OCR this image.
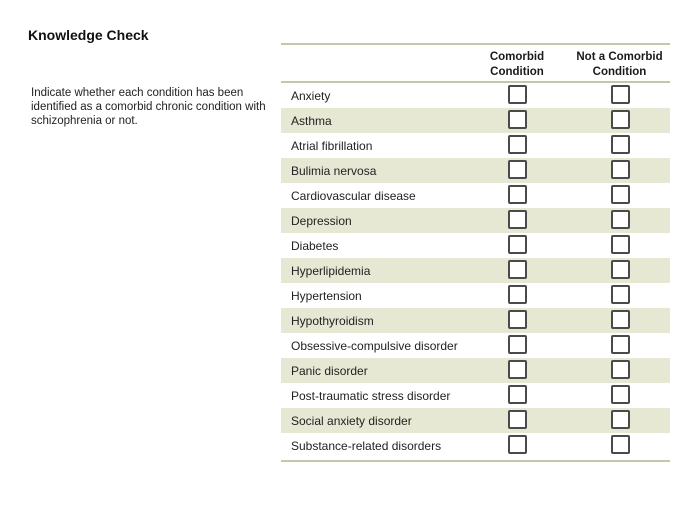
Knowledge Check
Indicate whether each condition has been identified as a comorbid chronic condition with schizophrenia or not.
Comorbid
Condition
Not a Comorbid
Condition
Anxiety
Asthma
Atrial fibrillation
Bulimia nervosa
Cardiovascular disease
Depression
Diabetes
Hyperlipidemia
Hypertension
Hypothyroidism
Obsessive-compulsive disorder
Panic disorder
Post-traumatic stress disorder
Social anxiety disorder
Substance-related disorders
